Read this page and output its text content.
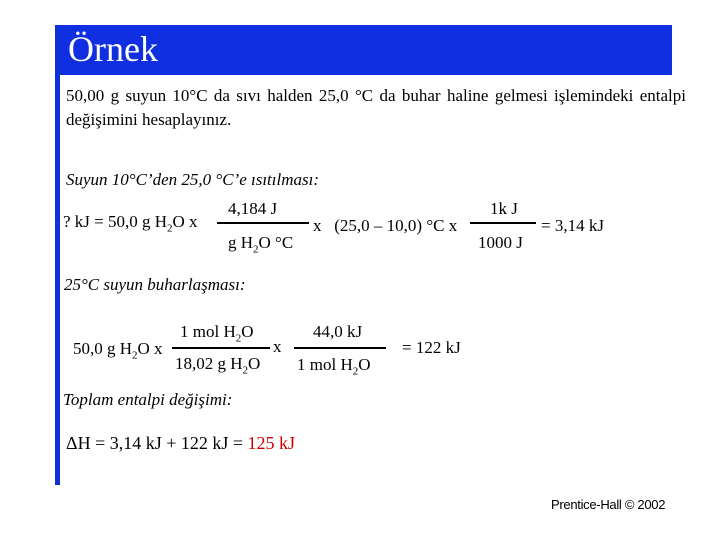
Örnek
50,00 g suyun 10°C da sıvı halden 25,0 °C da buhar haline gelmesi işlemindeki entalpi değişimini hesaplayınız.
Suyun 10°C’den 25,0 °C’e ısıtılması:
? kJ = 50,0 g $H_2O$ x
4,184 J
g $H_2O$ °C
x   (25,0 – 10,0) °C x
1k J
1000 J
= 3,14 kJ
25°C suyun buharlaşması:
50,0 g $H_2O$ x
1 mol $H_2O$
18,02 g $H_2O$
x
44,0 kJ
1 mol $H_2O$
= 122 kJ
Toplam entalpi değişimi:
ΔH = 3,14 kJ + 122 kJ = 125 kJ
Prentice-Hall © 2002
